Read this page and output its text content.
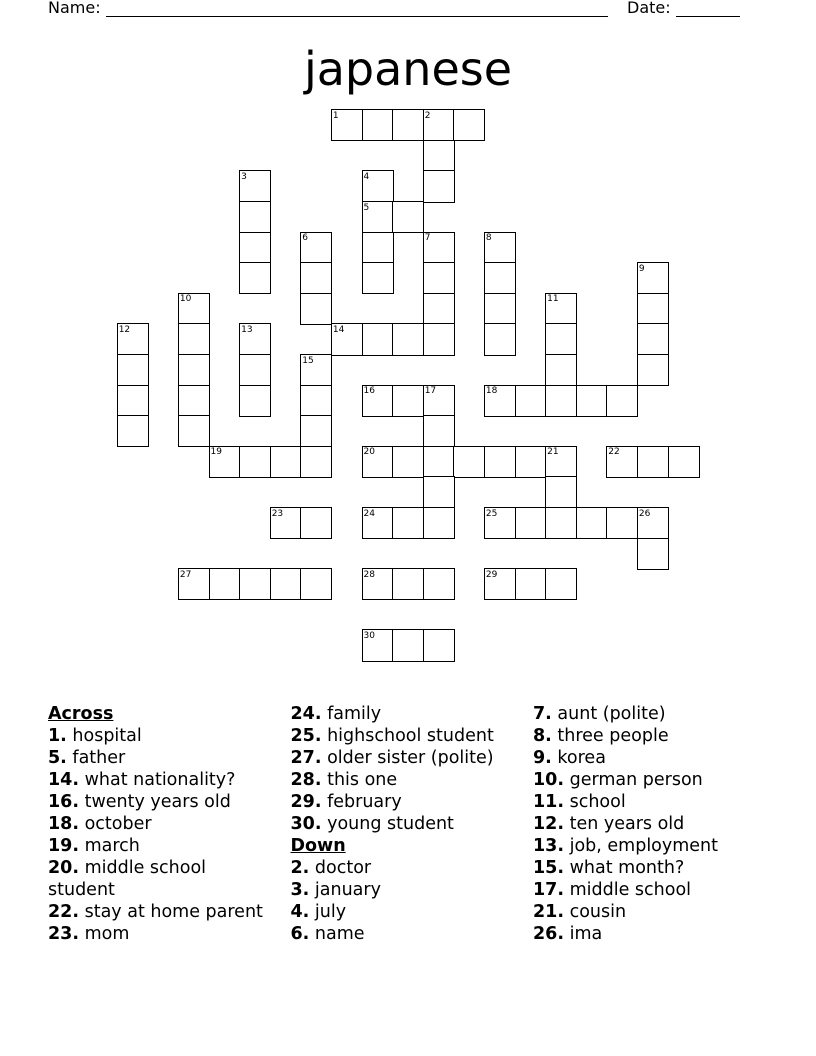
Name:	Date:
japanese
1	2
3	4
5
6	7	8
9
10	11
12	13	14
15
16	17	18
19	20	21	22
23	24	25	26
27	28	29
30
Across
1. hospital
5. father
14. what nationality?
16. twenty years old
18. october
19. march
20. middle school student
22. stay at home parent
23. mom
24. family
25. highschool student
27. older sister (polite)
28. this one
29. february
30. young student
Down
2. doctor
3. january
4. july
6. name
7. aunt (polite)
8. three people
9. korea
10. german person
11. school
12. ten years old
13. job, employment
15. what month?
17. middle school
21. cousin
26. ima
